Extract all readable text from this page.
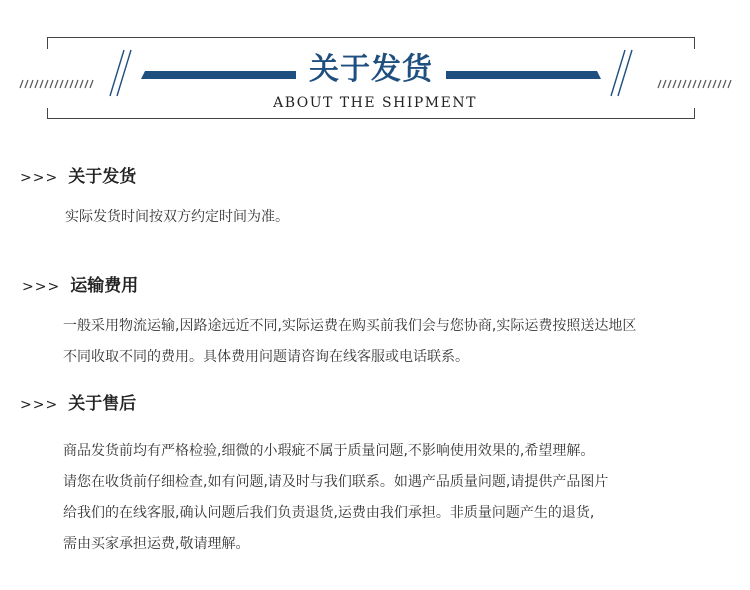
关于发货
ABOUT THE SHIPMENT
>>> 关于发货
实际发货时间按双方约定时间为准。
>>> 运输费用
一般采用物流运输,因路途远近不同,实际运费在购买前我们会与您协商,实际运费按照送达地区
不同收取不同的费用。具体费用问题请咨询在线客服或电话联系。
>>> 关于售后
商品发货前均有严格检验,细微的小瑕疵不属于质量问题,不影响使用效果的,希望理解。
请您在收货前仔细检查,如有问题,请及时与我们联系。如遇产品质量问题,请提供产品图片
给我们的在线客服,确认问题后我们负责退货,运费由我们承担。非质量问题产生的退货,
需由买家承担运费,敬请理解。
